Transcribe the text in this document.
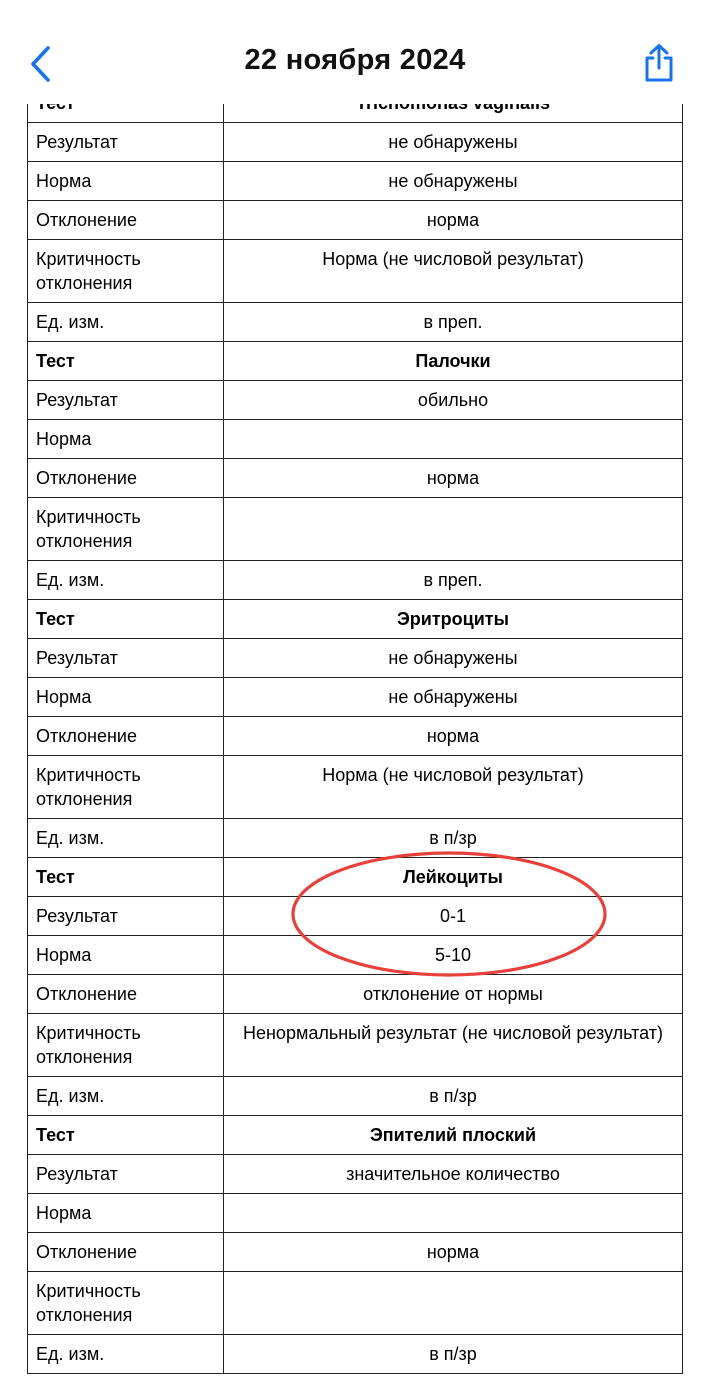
Результат	не обнаружены
Норма	не обнаружены
Отклонение	норма
Критичность отклонения	Норма (не числовой результат)
Ед. изм.	в преп.
Тест	Палочки
Результат	обильно
Норма	
Отклонение	норма
Критичность отклонения	
Ед. изм.	в преп.
Тест	Эритроциты
Результат	не обнаружены
Норма	не обнаружены
Отклонение	норма
Критичность отклонения	Норма (не числовой результат)
Ед. изм.	в п/зр
Тест	Лейкоциты
Результат	0-1
Норма	5-10
Отклонение	отклонение от нормы
Критичность отклонения	Ненормальный результат (не числовой результат)
Ед. изм.	в п/зр
Тест	Эпителий плоский
Результат	значительное количество
Норма	
Отклонение	норма
Критичность отклонения	
Ед. изм.	в п/зр
22 ноября 2024
